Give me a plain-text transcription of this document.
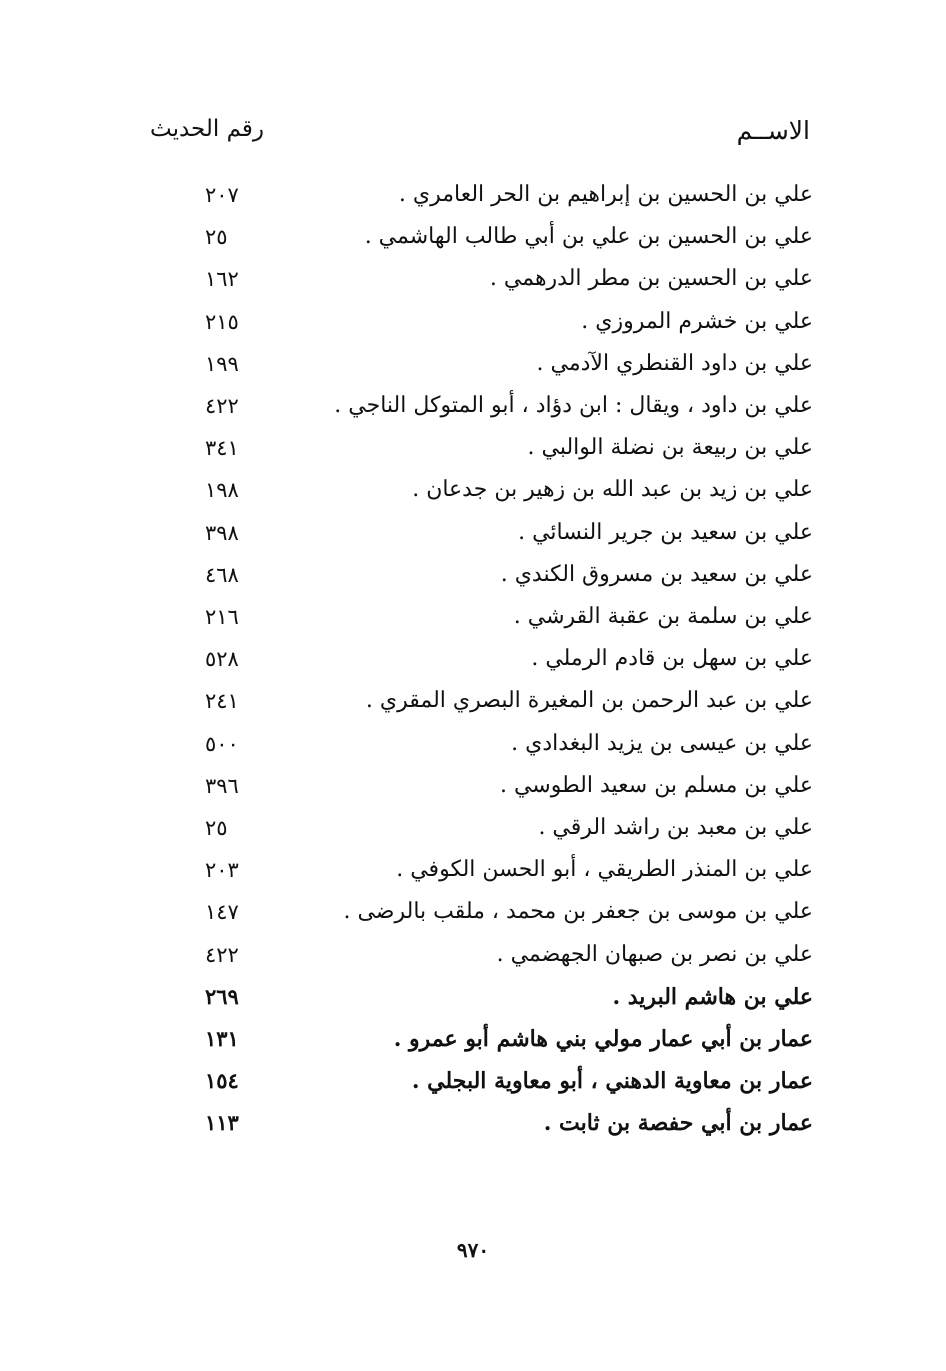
الاســم
رقم الحديث
علي بن الحسين بن إبراهيم بن الحر العامري .
٢٠٧
علي بن الحسين بن علي بن أبي طالب الهاشمي .
٢٥
علي بن الحسين بن مطر الدرهمي .
١٦٢
علي بن خشرم المروزي .
٢١٥
علي بن داود القنطري الآدمي .
١٩٩
علي بن داود ، ويقال : ابن دؤاد ، أبو المتوكل الناجي .
٤٢٢
علي بن ربيعة بن نضلة الوالبي .
٣٤١
علي بن زيد بن عبد الله بن زهير بن جدعان .
١٩٨
علي بن سعيد بن جرير النسائي .
٣٩٨
علي بن سعيد بن مسروق الكندي .
٤٦٨
علي بن سلمة بن عقبة القرشي .
٢١٦
علي بن سهل بن قادم الرملي .
٥٢٨
علي بن عبد الرحمن بن المغيرة البصري المقري .
٢٤١
علي بن عيسى بن يزيد البغدادي .
٥٠٠
علي بن مسلم بن سعيد الطوسي .
٣٩٦
علي بن معبد بن راشد الرقي .
٢٥
علي بن المنذر الطريقي ، أبو الحسن الكوفي .
٢٠٣
علي بن موسى بن جعفر بن محمد ، ملقب بالرضى .
١٤٧
علي بن نصر بن صبهان الجهضمي .
٤٢٢
علي بن هاشم البريد .
٢٦٩
عمار بن أبي عمار مولي بني هاشم أبو عمرو .
١٣١
عمار بن معاوية الدهني ، أبو معاوية البجلي .
١٥٤
عمار بن أبي حفصة بن ثابت .
١١٣
٩٧٠
